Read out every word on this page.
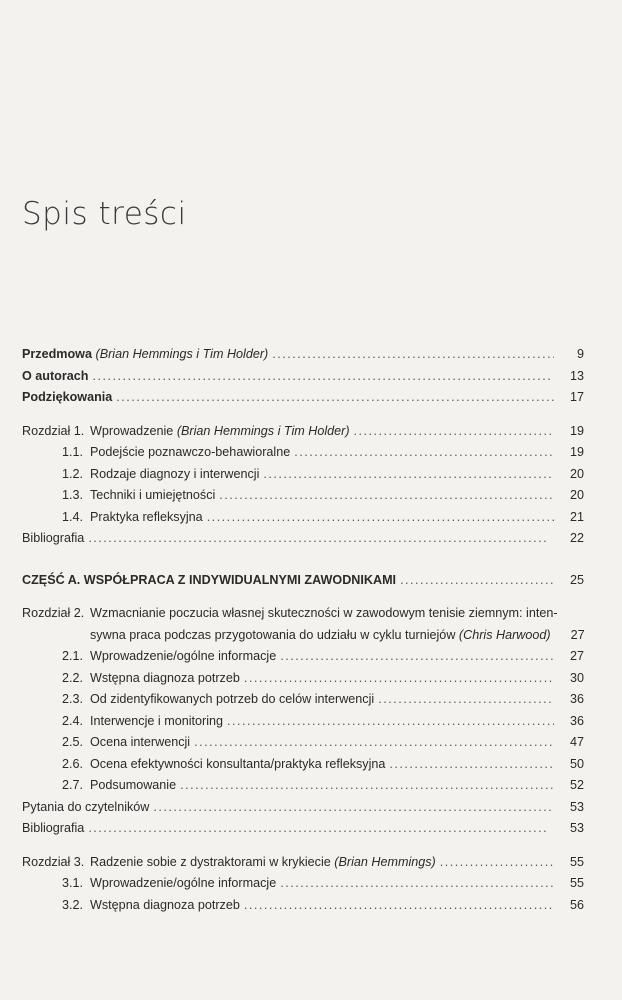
Spis treści
Przedmowa (Brian Hemmings i Tim Holder) . . .	9
O autorach . . .	13
Podziękowania . . .	17
Rozdział 1. Wprowadzenie (Brian Hemmings i Tim Holder) . . .	19
1.1. Podejście poznawczo-behawioralne . . .	19
1.2. Rodzaje diagnozy i interwencji . . .	20
1.3. Techniki i umiejętności . . .	20
1.4. Praktyka refleksyjna . . .	21
Bibliografia . . .	22
CZĘŚĆ A. WSPÓŁPRACA Z INDYWIDUALNYMI ZAWODNIKAMI . . .	25
Rozdział 2. Wzmacnianie poczucia własnej skuteczności w zawodowym tenisie ziemnym: inten-
sywna praca podczas przygotowania do udziału w cyklu turniejów (Chris Harwood)	27
2.1. Wprowadzenie/ogólne informacje . . .	27
2.2. Wstępna diagnoza potrzeb . . .	30
2.3. Od zidentyfikowanych potrzeb do celów interwencji . . .	36
2.4. Interwencje i monitoring . . .	36
2.5. Ocena interwencji . . .	47
2.6. Ocena efektywności konsultanta/praktyka refleksyjna . . .	50
2.7. Podsumowanie . . .	52
Pytania do czytelników . . .	53
Bibliografia . . .	53
Rozdział 3. Radzenie sobie z dystraktorami w krykiecie (Brian Hemmings) . . .	55
3.1. Wprowadzenie/ogólne informacje . . .	55
3.2. Wstępna diagnoza potrzeb . . .	56
